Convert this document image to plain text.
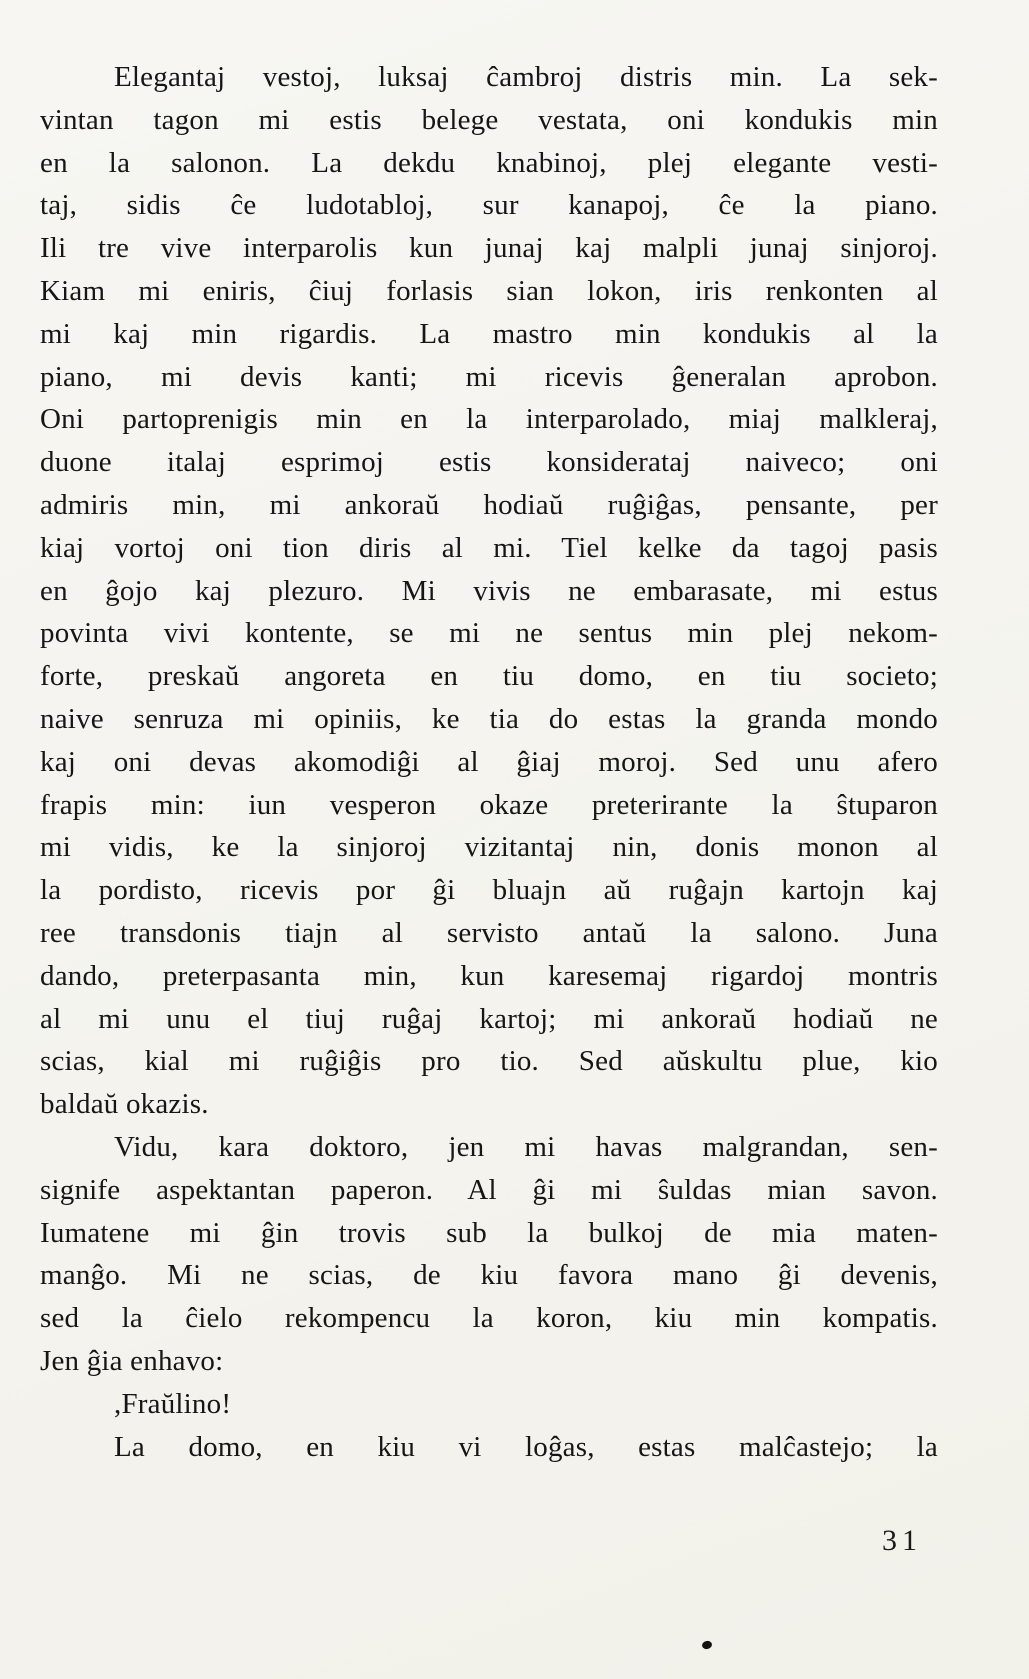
Elegantaj vestoj, luksaj ĉambroj distris min. La sek-
vintan tagon mi estis belege vestata, oni kondukis min
en la salonon. La dekdu knabinoj, plej elegante vesti-
taj, sidis ĉe ludotabloj, sur kanapoj, ĉe la piano.
Ili tre vive interparolis kun junaj kaj malpli junaj sinjoroj.
Kiam mi eniris, ĉiuj forlasis sian lokon, iris renkonten al
mi kaj min rigardis. La mastro min kondukis al la
piano, mi devis kanti; mi ricevis ĝeneralan aprobon.
Oni partoprenigis min en la interparolado, miaj malkleraj,
duone italaj esprimoj estis konsiderataj naiveco; oni
admiris min, mi ankoraŭ hodiaŭ ruĝiĝas, pensante, per
kiaj vortoj oni tion diris al mi. Tiel kelke da tagoj pasis
en ĝojo kaj plezuro. Mi vivis ne embarasate, mi estus
povinta vivi kontente, se mi ne sentus min plej nekom-
forte, preskaŭ angoreta en tiu domo, en tiu societo;
naive senruza mi opiniis, ke tia do estas la granda mondo
kaj oni devas akomodiĝi al ĝiaj moroj. Sed unu afero
frapis min: iun vesperon okaze preterirante la ŝtuparon
mi vidis, ke la sinjoroj vizitantaj nin, donis monon al
la pordisto, ricevis por ĝi bluajn aŭ ruĝajn kartojn kaj
ree transdonis tiajn al servisto antaŭ la salono. Juna
dando, preterpasanta min, kun karesemaj rigardoj montris
al mi unu el tiuj ruĝaj kartoj; mi ankoraŭ hodiaŭ ne
scias, kial mi ruĝiĝis pro tio. Sed aŭskultu plue, kio
baldaŭ okazis.
Vidu, kara doktoro, jen mi havas malgrandan, sen-
signife aspektantan paperon. Al ĝi mi ŝuldas mian savon.
Iumatene mi ĝin trovis sub la bulkoj de mia maten-
manĝo. Mi ne scias, de kiu favora mano ĝi devenis,
sed la ĉielo rekompencu la koron, kiu min kompatis.
Jen ĝia enhavo:
,Fraŭlino!
La domo, en kiu vi loĝas, estas malĉastejo; la
31
